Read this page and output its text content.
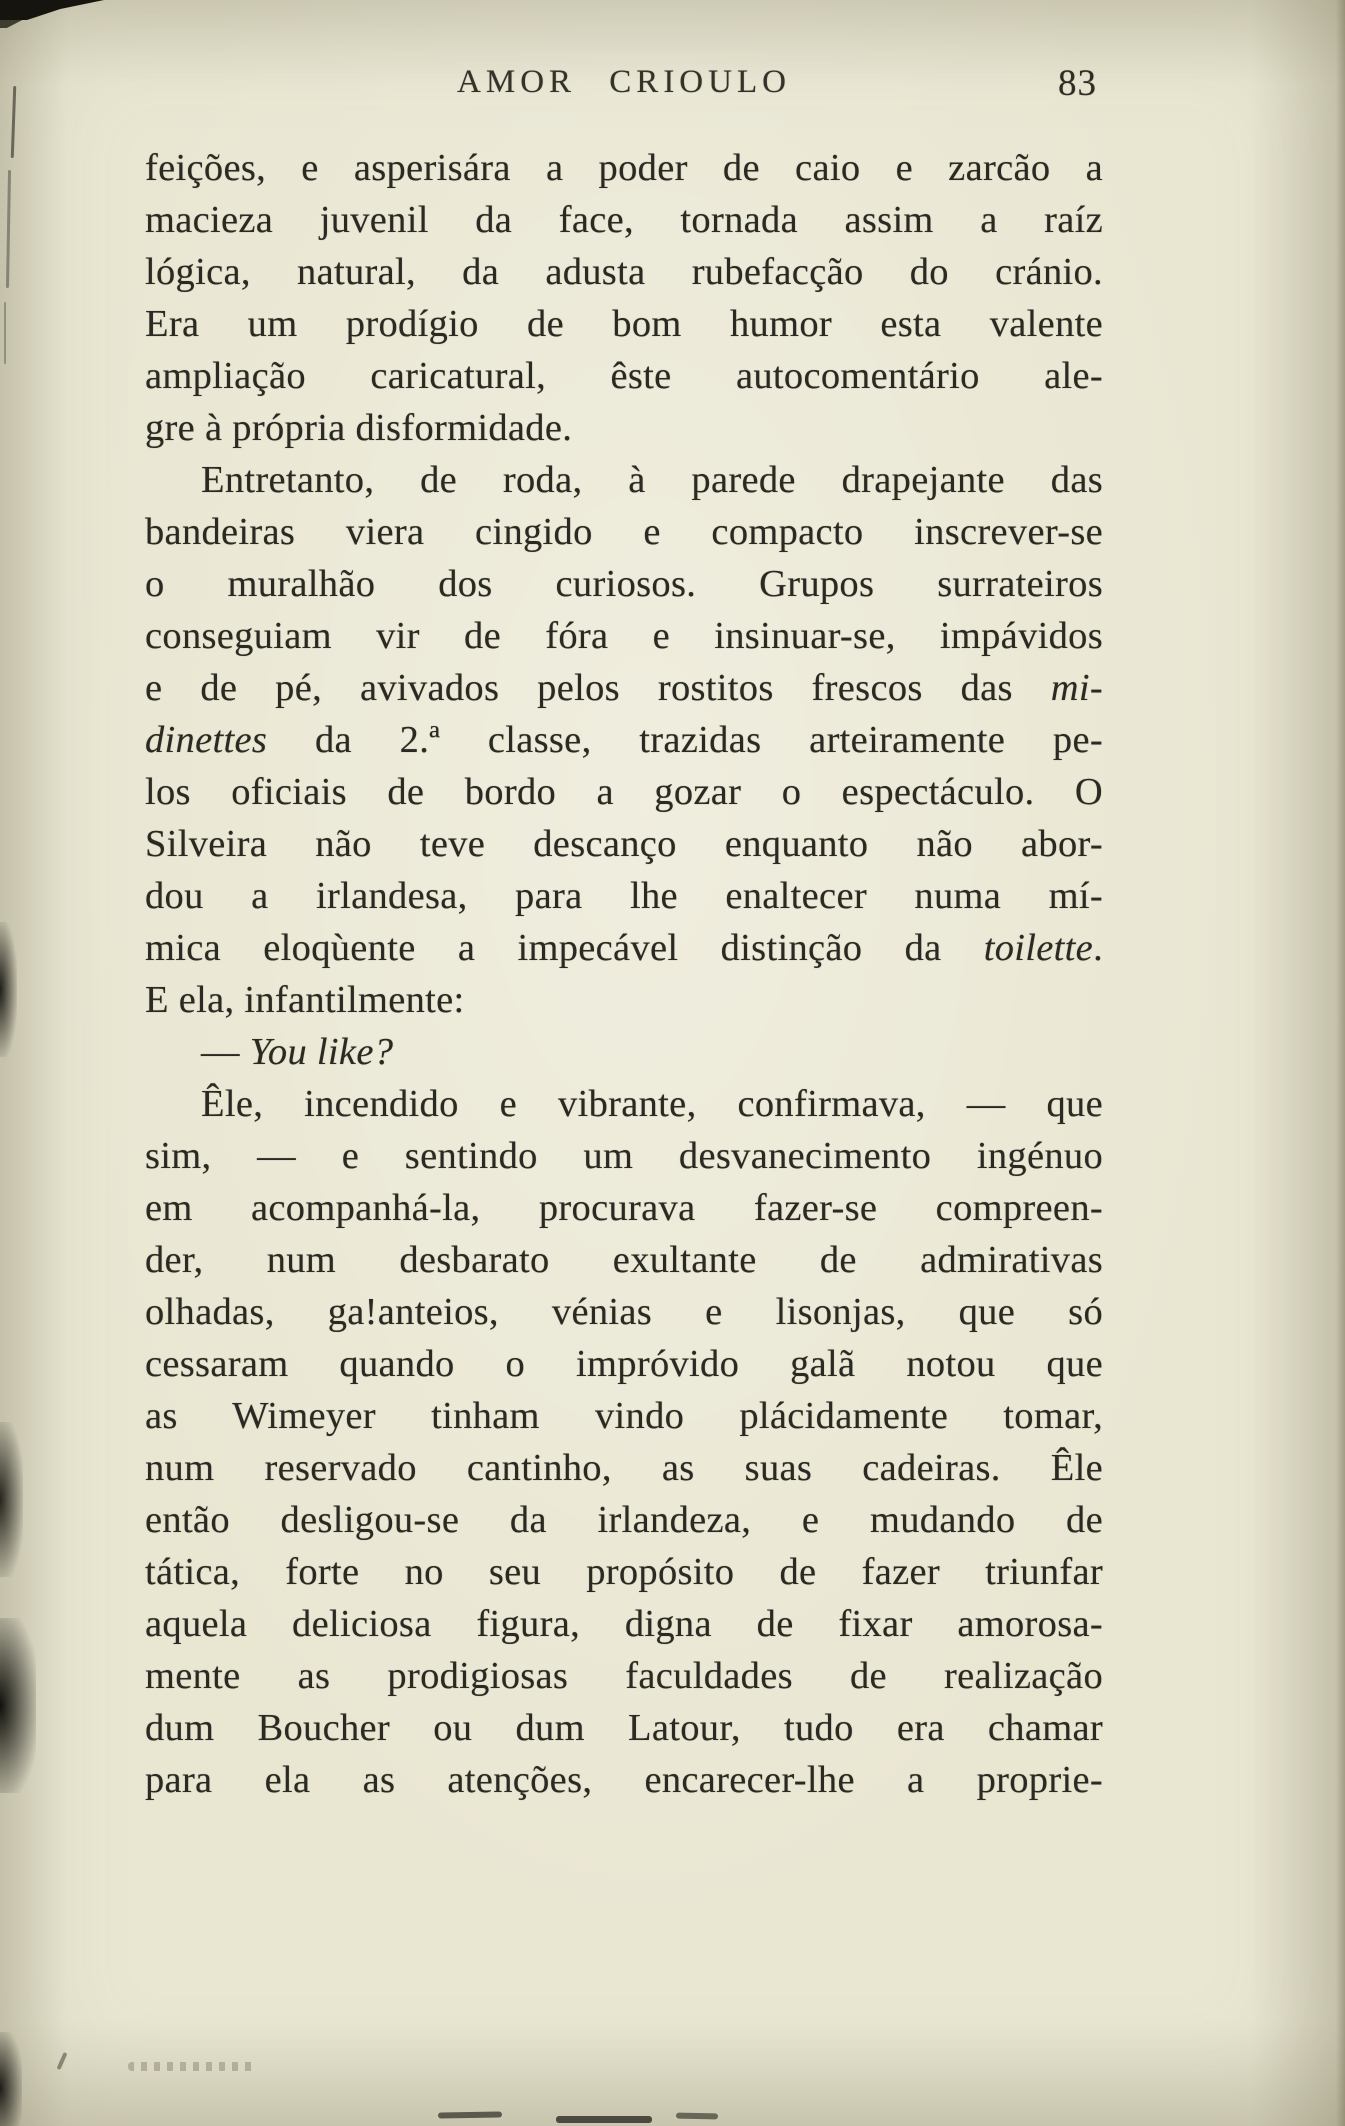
AMOR CRIOULO	83
feições, e asperisára a poder de caio e zarcão a
macieza juvenil da face, tornada assim a raíz
lógica, natural, da adusta rubefacção do cránio.
Era um prodígio de bom humor esta valente
ampliação caricatural, êste autocomentário ale-
gre à própria disformidade.
Entretanto, de roda, à parede drapejante das
bandeiras viera cingido e compacto inscrever-se
o muralhão dos curiosos. Grupos surrateiros
conseguiam vir de fóra e insinuar-se, impávidos
e de pé, avivados pelos rostitos frescos das mi-
dinettes da 2.ª classe, trazidas arteiramente pe-
los oficiais de bordo a gozar o espectáculo. O
Silveira não teve descanço enquanto não abor-
dou a irlandesa, para lhe enaltecer numa mí-
mica eloqùente a impecável distinção da toilette.
E ela, infantilmente:
— You like?
Êle, incendido e vibrante, confirmava, — que
sim, — e sentindo um desvanecimento ingénuo
em acompanhá-la, procurava fazer-se compreen-
der, num desbarato exultante de admirativas
olhadas, ga!anteios, vénias e lisonjas, que só
cessaram quando o impróvido galã notou que
as Wimeyer tinham vindo plácidamente tomar,
num reservado cantinho, as suas cadeiras. Êle
então desligou-se da irlandeza, e mudando de
tática, forte no seu propósito de fazer triunfar
aquela deliciosa figura, digna de fixar amorosa-
mente as prodigiosas faculdades de realização
dum Boucher ou dum Latour, tudo era chamar
para ela as atenções, encarecer-lhe a proprie-
